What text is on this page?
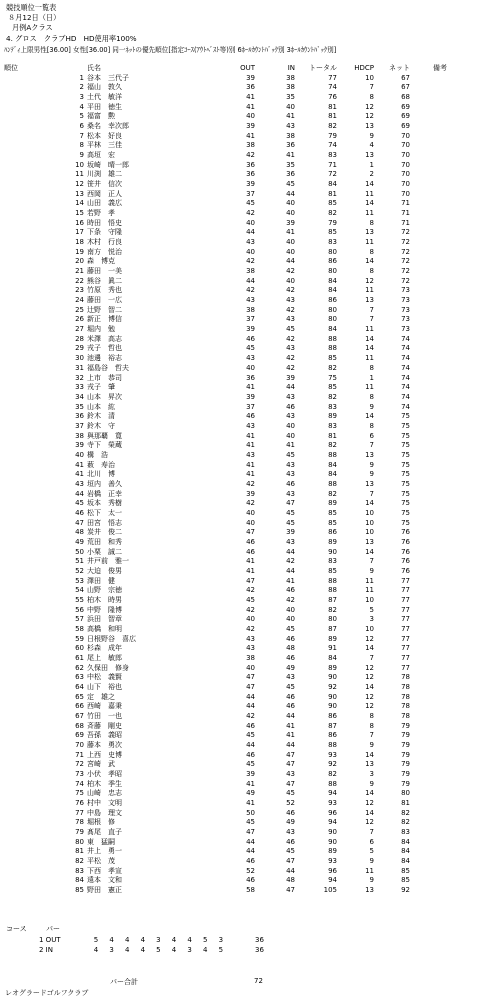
競技順位一覧表
８月12日（日）
月例Aクラス
4. グロス　クラブHD　HD使用率100%
ﾊﾝﾃﾞｨ上限男性[36.00] 女性[36.00] 同一ﾈｯﾄの優先順位[指定ｺｰｽ(ｱｳﾄﾍﾞｽﾄ等)別 6ﾎｰﾙｶｳﾝﾄﾊﾞｯｸ別 3ﾎｰﾙｶｳﾝﾄﾊﾞｯｸ別]
順位	氏名	OUT	IN	トータル	HDCP	ネット	備考
1	谷本　三代子	39	38	77	10	67	
2	福山　敦久	36	38	74	7	67	
3	土代　敏洋	41	35	76	8	68	
4	平田　徳生	41	40	81	12	69	
5	福富　勲	40	41	81	12	69	
6	桑名　幸次郎	39	43	82	13	69	
7	松本　好良	41	38	79	9	70	
8	平林　三佳	38	36	74	4	70	
9	高垣　宏	42	41	83	13	70	
10	坂崎　晴一郎	36	35	71	1	70	
11	川渕　雄二	36	36	72	2	70	
12	笹井　信次	39	45	84	14	70	
13	西岡　正人	37	44	81	11	70	
14	山田　義広	45	40	85	14	71	
15	若野　孝	42	40	82	11	71	
16	時田　悟史	40	39	79	8	71	
17	下条　守隆	44	41	85	13	72	
18	木村　行良	43	40	83	11	72	
19	南方　悦治	40	40	80	8	72	
20	森　博克	42	44	86	14	72	
21	藤田　一美	38	42	80	8	72	
22	熊谷　眞二	44	40	84	12	72	
23	竹原　秀也	42	42	84	11	73	
24	藤田　一広	43	43	86	13	73	
25	辻野　智二	38	42	80	7	73	
26	新正　博信	37	43	80	7	73	
27	堀内　勉	39	45	84	11	73	
28	米澤　高志	46	42	88	14	74	
29	戎子　哲也	45	43	88	14	74	
30	池邊　裕志	43	42	85	11	74	
31	福島谷　哲夫	40	42	82	8	74	
32	上市　恭司	36	39	75	1	74	
33	戎子　肇	41	44	85	11	74	
34	山本　昇次	39	43	82	8	74	
35	山本　紘	37	46	83	9	74	
36	鈴木　清	46	43	89	14	75	
37	鈴木　守	43	40	83	8	75	
38	與那覇　寛	41	40	81	6	75	
39	寺下　榮蔵	41	41	82	7	75	
40	構　浩	43	45	88	13	75	
41	薮　寿治	41	43	84	9	75	
41	北川　博	41	43	84	9	75	
43	垣内　善久	42	46	88	13	75	
44	岩橋　正幸	39	43	82	7	75	
45	坂本　秀樹	42	47	89	14	75	
46	松下　太一	40	45	85	10	75	
47	田宮　悟志	40	45	85	10	75	
48	炭井　俊二	47	39	86	10	76	
49	荒田　和秀	46	43	89	13	76	
50	小栗　誠二	46	44	90	14	76	
51	井戸前　雅一	41	42	83	7	76	
52	大迫　俊男	41	44	85	9	76	
53	澤田　健	47	41	88	11	77	
54	山野　宗徳	42	46	88	11	77	
55	柏木　時男	45	42	87	10	77	
56	中野　隆博	42	40	82	5	77	
57	浜田　智章	40	40	80	3	77	
58	高橋　和明	42	45	87	10	77	
59	日根野谷　喜広	43	46	89	12	77	
60	杉森　成年	43	48	91	14	77	
61	尾上　敏郎	38	46	84	7	77	
62	久保田　修身	40	49	89	12	77	
63	中松　義賢	47	43	90	12	78	
64	山下　裕也	47	45	92	14	78	
65	定　雄之	44	46	90	12	78	
66	西崎　嘉秉	44	46	90	12	78	
67	竹田　一也	42	44	86	8	78	
68	斉藤　剛史	46	41	87	8	79	
69	吾孫　義昭	45	41	86	7	79	
70	藤本　勇次	44	44	88	9	79	
71	上西　史博	46	47	93	14	79	
72	宮崎　武	45	47	92	13	79	
73	小伏　孝昭	39	43	82	3	79	
74	柏木　季生	41	47	88	9	79	
75	山崎　忠志	49	45	94	14	80	
76	村中　文明	41	52	93	12	81	
77	中島　理文	50	46	96	14	82	
78	堀根　修	45	49	94	12	82	
79	髙尾　直子	47	43	90	7	83	
80	東　猛嗣	44	46	90	6	84	
81	井上　勇一	44	45	89	5	84	
82	平松　茂	46	47	93	9	84	
83	下西　孝宣	52	44	96	11	85	
84	遠本　文和	46	48	94	9	85	
85	野田　憲正	58	47	105	13	92	
コース	パー
1 OUT	5	4	4	4	3	4	4	5	3	36
2 IN	4	3	4	4	5	4	3	4	5	36
パー合計	72
レオグラードゴルフクラブ
